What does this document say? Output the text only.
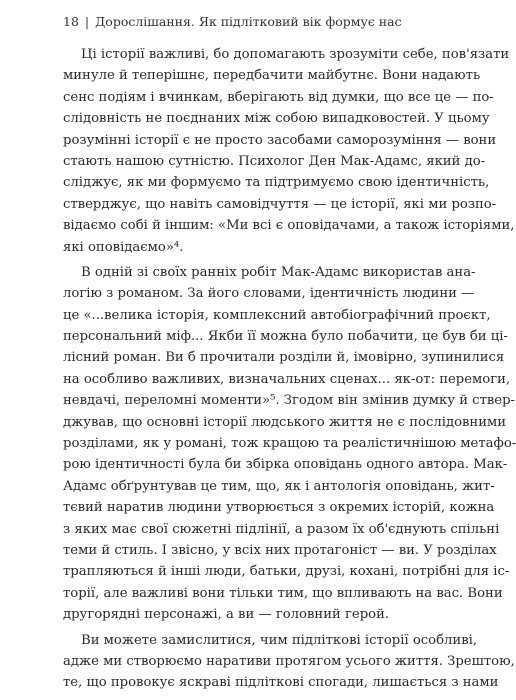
18 | Дорослішання. Як підлітковий вік формує нас
Ці історії важливі, бо допомагають зрозуміти себе, пов'язати
минуле й теперішнє, передбачити майбутнє. Вони надають
сенс подіям і вчинкам, вберігають від думки, що все це — по-
слідовність не поєднаних між собою випадковостей. У цьому
розумінні історії є не просто засобами саморозуміння — вони
стають нашою сутністю. Психолог Ден Мак-Адамс, який до-
сліджує, як ми формуємо та підтримуємо свою ідентичність,
стверджує, що навіть самовідчуття — це історії, які ми розпо-
відаємо собі й іншим: «Ми всі є оповідачами, а також історіями,
які оповідаємо»⁴.
В одній зі своїх ранніх робіт Мак-Адамс використав ана-
логію з романом. За його словами, ідентичність людини —
це «...велика історія, комплексний автобіографічний проєкт,
персональний міф... Якби її можна було побачити, це був би ці-
лісний роман. Ви б прочитали розділи й, імовірно, зупинилися
на особливо важливих, визначальних сценах... як-от: перемоги,
невдачі, переломні моменти»⁵. Згодом він змінив думку й ствер-
джував, що основні історії людського життя не є послідовними
розділами, як у романі, тож кращою та реалістичнішою метафо-
рою ідентичності була би збірка оповідань одного автора. Мак-
Адамс обґрунтував це тим, що, як і антологія оповідань, жит-
тєвий наратив людини утворюється з окремих історій, кожна
з яких має свої сюжетні підлінії, а разом їх об'єднують спільні
теми й стиль. І звісно, у всіх них протагоніст — ви. У розділах
трапляються й інші люди, батьки, друзі, кохані, потрібні для іс-
торії, але важливі вони тільки тим, що впливають на вас. Вони
другорядні персонажі, а ви — головний герой.
Ви можете замислитися, чим підліткові історії особливі,
адже ми створюємо наративи протягом усього життя. Зрештою,
те, що провокує яскраві підліткові спогади, лишається з нами
